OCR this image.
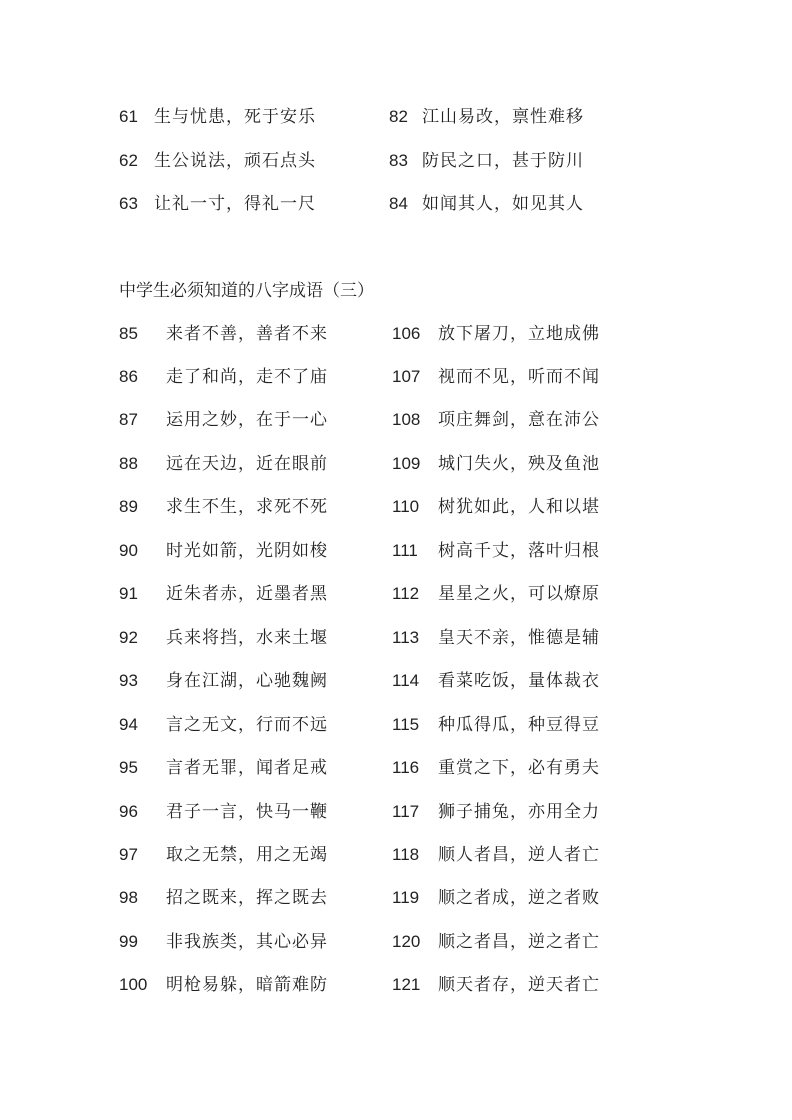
61 生与忧患，死于安乐
62 生公说法，顽石点头
63 让礼一寸，得礼一尺
82 江山易改，禀性难移
83 防民之口，甚于防川
84 如闻其人，如见其人
中学生必须知道的八字成语（三）
85 来者不善，善者不来
86 走了和尚，走不了庙
87 运用之妙，在于一心
88 远在天边，近在眼前
89 求生不生，求死不死
90 时光如箭，光阴如梭
91 近朱者赤，近墨者黑
92 兵来将挡，水来土堰
93 身在江湖，心驰魏阙
94 言之无文，行而不远
95 言者无罪，闻者足戒
96 君子一言，快马一鞭
97 取之无禁，用之无竭
98 招之既来，挥之既去
99 非我族类，其心必异
100 明枪易躲，暗箭难防
106 放下屠刀，立地成佛
107 视而不见，听而不闻
108 项庄舞剑，意在沛公
109 城门失火，殃及鱼池
110 树犹如此，人和以堪
111 树高千丈，落叶归根
112 星星之火，可以燎原
113 皇天不亲，惟德是辅
114 看菜吃饭，量体裁衣
115 种瓜得瓜，种豆得豆
116 重赏之下，必有勇夫
117 狮子捕兔，亦用全力
118 顺人者昌，逆人者亡
119 顺之者成，逆之者败
120 顺之者昌，逆之者亡
121 顺天者存，逆天者亡
